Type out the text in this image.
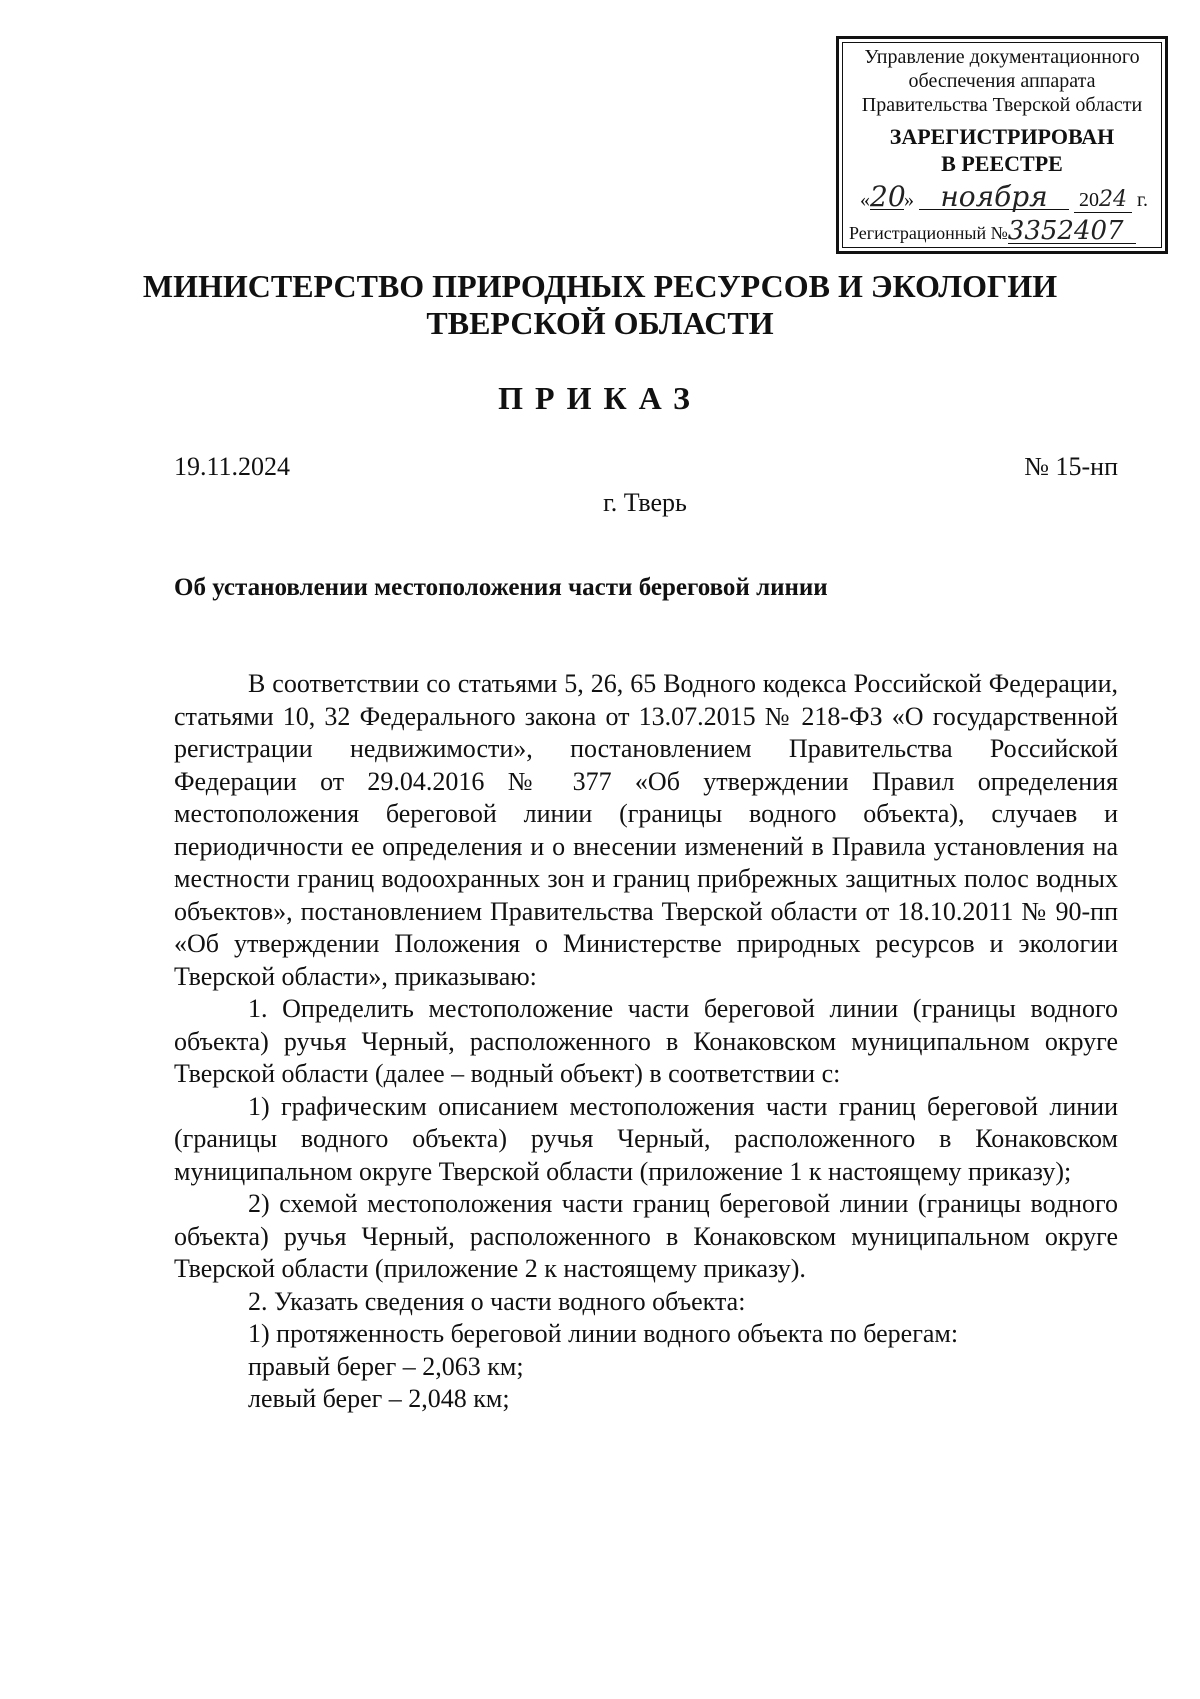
Управление документационного
обеспечения аппарата
Правительства Тверской области
ЗАРЕГИСТРИРОВАН
В РЕЕСТРЕ
«20» ноября 2024 г.
Регистрационный №3352407
МИНИСТЕРСТВО ПРИРОДНЫХ РЕСУРСОВ И ЭКОЛОГИИ
ТВЕРСКОЙ ОБЛАСТИ
ПРИКАЗ
19.11.2024	№ 15-нп
г. Тверь
Об установлении местоположения части береговой линии

В соответствии со статьями 5, 26, 65 Водного кодекса Российской Федерации, статьями 10, 32 Федерального закона от 13.07.2015 № 218-ФЗ «О государственной регистрации недвижимости», постановлением Правительства Российской Федерации от 29.04.2016 № 377 «Об утверждении Правил определения местоположения береговой линии (границы водного объекта), случаев и периодичности ее определения и о внесении изменений в Правила установления на местности границ водоохранных зон и границ прибрежных защитных полос водных объектов», постановлением Правительства Тверской области от 18.10.2011 № 90-пп «Об утверждении Положения о Министерстве природных ресурсов и экологии Тверской области», приказываю:

1. Определить местоположение части береговой линии (границы водного объекта) ручья Черный, расположенного в Конаковском муниципальном округе Тверской области (далее – водный объект) в соответствии с:

1) графическим описанием местоположения части границ береговой линии (границы водного объекта) ручья Черный, расположенного в Конаковском муниципальном округе Тверской области (приложение 1 к настоящему приказу);

2) схемой местоположения части границ береговой линии (границы водного объекта) ручья Черный, расположенного в Конаковском муниципальном округе Тверской области (приложение 2 к настоящему приказу).

2. Указать сведения о части водного объекта:

1) протяженность береговой линии водного объекта по берегам:

правый берег – 2,063 км;

левый берег – 2,048 км;
